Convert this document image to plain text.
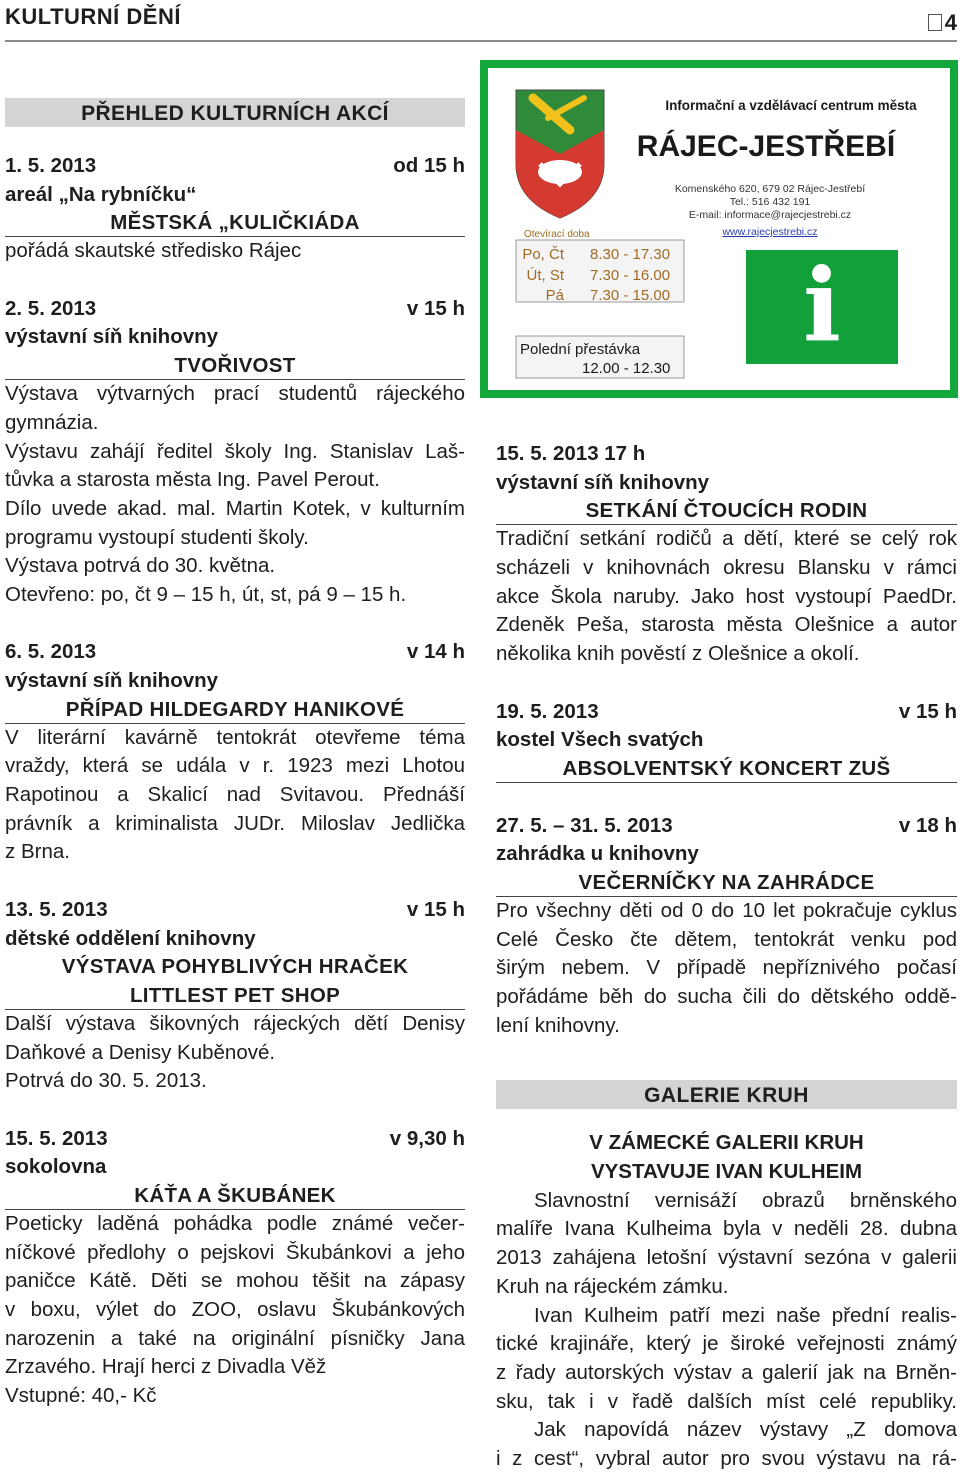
KULTURNÍ DĚNÍ	4
PŘEHLED KULTURNÍCH AKCÍ
1. 5. 2013	od 15 h
areál „Na rybníčku“
MĚSTSKÁ „KULIČKIÁDA
pořádá skautské středisko Rájec
2. 5. 2013	v 15 h
výstavní síň knihovny
TVOŘIVOST
Výstava výtvarných prací studentů rájeckého
gymnázia.
Výstavu zahájí ředitel školy Ing. Stanislav Laš-
tůvka a starosta města Ing. Pavel Perout.
Dílo uvede akad. mal. Martin Kotek, v kulturním
programu vystoupí studenti školy.
Výstava potrvá do 30. května.
Otevřeno: po, čt 9 – 15 h, út, st, pá 9 – 15 h.
6. 5. 2013	v 14 h
výstavní síň knihovny
PŘÍPAD HILDEGARDY HANIKOVÉ
V literární kavárně tentokrát otevřeme téma
vraždy, která se udála v r. 1923 mezi Lhotou
Rapotinou a Skalicí nad Svitavou. Přednáší
právník a kriminalista JUDr. Miloslav Jedlička
z Brna.
13. 5. 2013	v 15 h
dětské oddělení knihovny
VÝSTAVA POHYBLIVÝCH HRAČEK
LITTLEST PET SHOP
Další výstava šikovných rájeckých dětí Denisy
Daňkové a Denisy Kuběnové.
Potrvá do 30. 5. 2013.
15. 5. 2013	v 9,30 h
sokolovna
KÁŤA A ŠKUBÁNEK
Poeticky laděná pohádka podle známé večer-
níčkové předlohy o pejskovi Škubánkovi a jeho
paničce Kátě. Děti se mohou těšit na zápasy
v boxu, výlet do ZOO, oslavu Škubánkových
narozenin a také na originální písničky Jana
Zrzavého. Hrají herci z Divadla Věž
Vstupné: 40,- Kč
Informační a vzdělávací centrum města
RÁJEC-JESTŘEBÍ
Komenského 620, 679 02 Rájec-Jestřebí
Tel.: 516 432 191
E-mail: informace@rajecjestrebi.cz
www.rajecjestrebi.cz
Otevírací doba
Po, Čt 8.30 - 17.30
Út, St 7.30 - 16.00
Pá 7.30 - 15.00
Polední přestávka
12.00 - 12.30
i
15. 5. 2013 17 h
výstavní síň knihovny
SETKÁNÍ ČTOUCÍCH RODIN
Tradiční setkání rodičů a dětí, které se celý rok
scházeli v knihovnách okresu Blansku v rámci
akce Škola naruby. Jako host vystoupí PaedDr.
Zdeněk Peša, starosta města Olešnice a autor
několika knih pověstí z Olešnice a okolí.
19. 5. 2013	v 15 h
kostel Všech svatých
ABSOLVENTSKÝ KONCERT ZUŠ
27. 5. – 31. 5. 2013	v 18 h
zahrádka u knihovny
VEČERNÍČKY NA ZAHRÁDCE
Pro všechny děti od 0 do 10 let pokračuje cyklus
Celé Česko čte dětem, tentokrát venku pod
širým nebem. V případě nepříznivého počasí
pořádáme běh do sucha čili do dětského oddě-
lení knihovny.
GALERIE KRUH
V ZÁMECKÉ GALERII KRUH
VYSTAVUJE IVAN KULHEIM
Slavnostní vernisáží obrazů brněnského
malíře Ivana Kulheima byla v neděli 28. dubna
2013 zahájena letošní výstavní sezóna v galerii
Kruh na rájeckém zámku.
Ivan Kulheim patří mezi naše přední realis-
tické krajináře, který je široké veřejnosti známý
z řady autorských výstav a galerií jak na Brněn-
sku, tak i v řadě dalších míst celé republiky.
Jak napovídá název výstavy „Z domova
i z cest“, vybral autor pro svou výstavu na rá-
